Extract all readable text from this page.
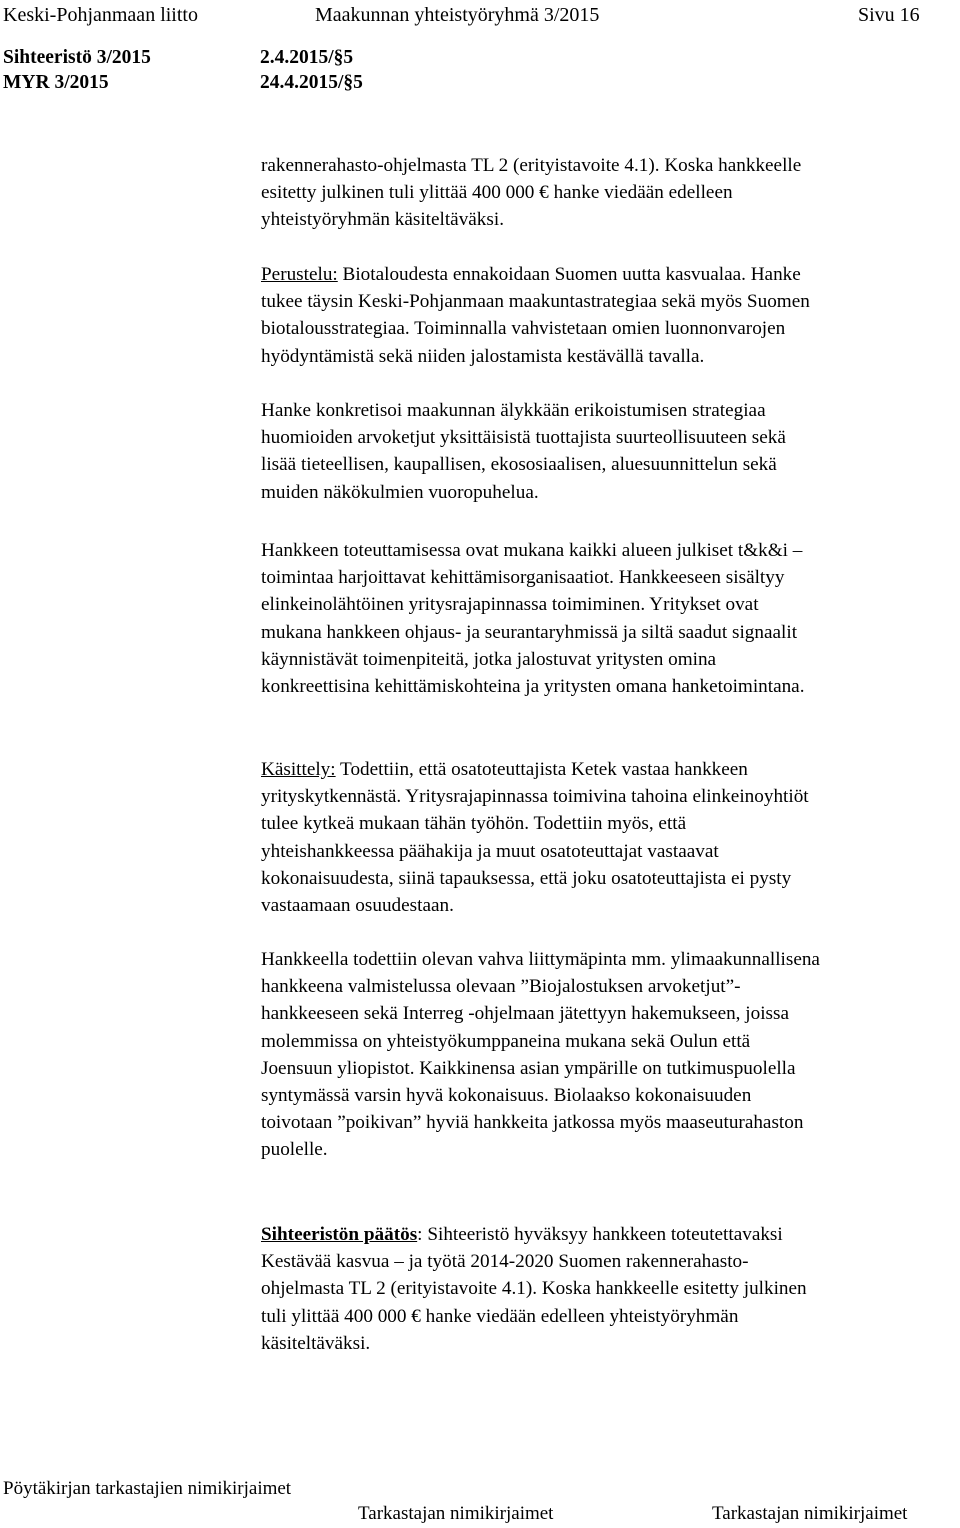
Keski-Pohjanmaan liitto	Maakunnan yhteistyöryhmä 3/2015	Sivu 16
Sihteeristö 3/2015	2.4.2015/§5
MYR 3/2015	24.4.2015/§5
rakennerahasto-ohjelmasta TL 2 (erityistavoite 4.1). Koska hankkeelle
esitetty julkinen tuli ylittää 400 000 € hanke viedään edelleen
yhteistyöryhmän käsiteltäväksi.
Perustelu: Biotaloudesta ennakoidaan Suomen uutta kasvualaa. Hanke
tukee täysin Keski-Pohjanmaan maakuntastrategiaa sekä myös Suomen
biotalousstrategiaa. Toiminnalla vahvistetaan omien luonnonvarojen
hyödyntämistä sekä niiden jalostamista kestävällä tavalla.
Hanke konkretisoi maakunnan älykkään erikoistumisen strategiaa
huomioiden arvoketjut yksittäisistä tuottajista suurteollisuuteen sekä
lisää tieteellisen, kaupallisen, ekososiaalisen, aluesuunnittelun sekä
muiden näkökulmien vuoropuhelua.
Hankkeen toteuttamisessa ovat mukana kaikki alueen julkiset t&k&i –
toimintaa harjoittavat kehittämisorganisaatiot. Hankkeeseen sisältyy
elinkeinolähtöinen yritysrajapinnassa toimiminen. Yritykset ovat
mukana hankkeen ohjaus- ja seurantaryhmissä ja siltä saadut signaalit
käynnistävät toimenpiteitä, jotka jalostuvat yritysten omina
konkreettisina kehittämiskohteina ja yritysten omana hanketoimintana.
Käsittely: Todettiin, että osatoteuttajista Ketek vastaa hankkeen
yrityskytkennästä. Yritysrajapinnassa toimivina tahoina elinkeinoyhtiöt
tulee kytkeä mukaan tähän työhön. Todettiin myös, että
yhteishankkeessa päähakija ja muut osatoteuttajat vastaavat
kokonaisuudesta, siinä tapauksessa, että joku osatoteuttajista ei pysty
vastaamaan osuudestaan.
Hankkeella todettiin olevan vahva liittymäpinta mm. ylimaakunnallisena
hankkeena valmistelussa olevaan ”Biojalostuksen arvoketjut”-
hankkeeseen sekä Interreg -ohjelmaan jätettyyn hakemukseen, joissa
molemmissa on yhteistyökumppaneina mukana sekä Oulun että
Joensuun yliopistot. Kaikkinensa asian ympärille on tutkimuspuolella
syntymässä varsin hyvä kokonaisuus. Biolaakso kokonaisuuden
toivotaan ”poikivan” hyviä hankkeita jatkossa myös maaseuturahaston
puolelle.
Sihteeristön päätös: Sihteeristö hyväksyy hankkeen toteutettavaksi
Kestävää kasvua – ja työtä 2014-2020 Suomen rakennerahasto-
ohjelmasta TL 2 (erityistavoite 4.1). Koska hankkeelle esitetty julkinen
tuli ylittää 400 000 € hanke viedään edelleen yhteistyöryhmän
käsiteltäväksi.
Pöytäkirjan tarkastajien nimikirjaimet
Tarkastajan nimikirjaimet	Tarkastajan nimikirjaimet
